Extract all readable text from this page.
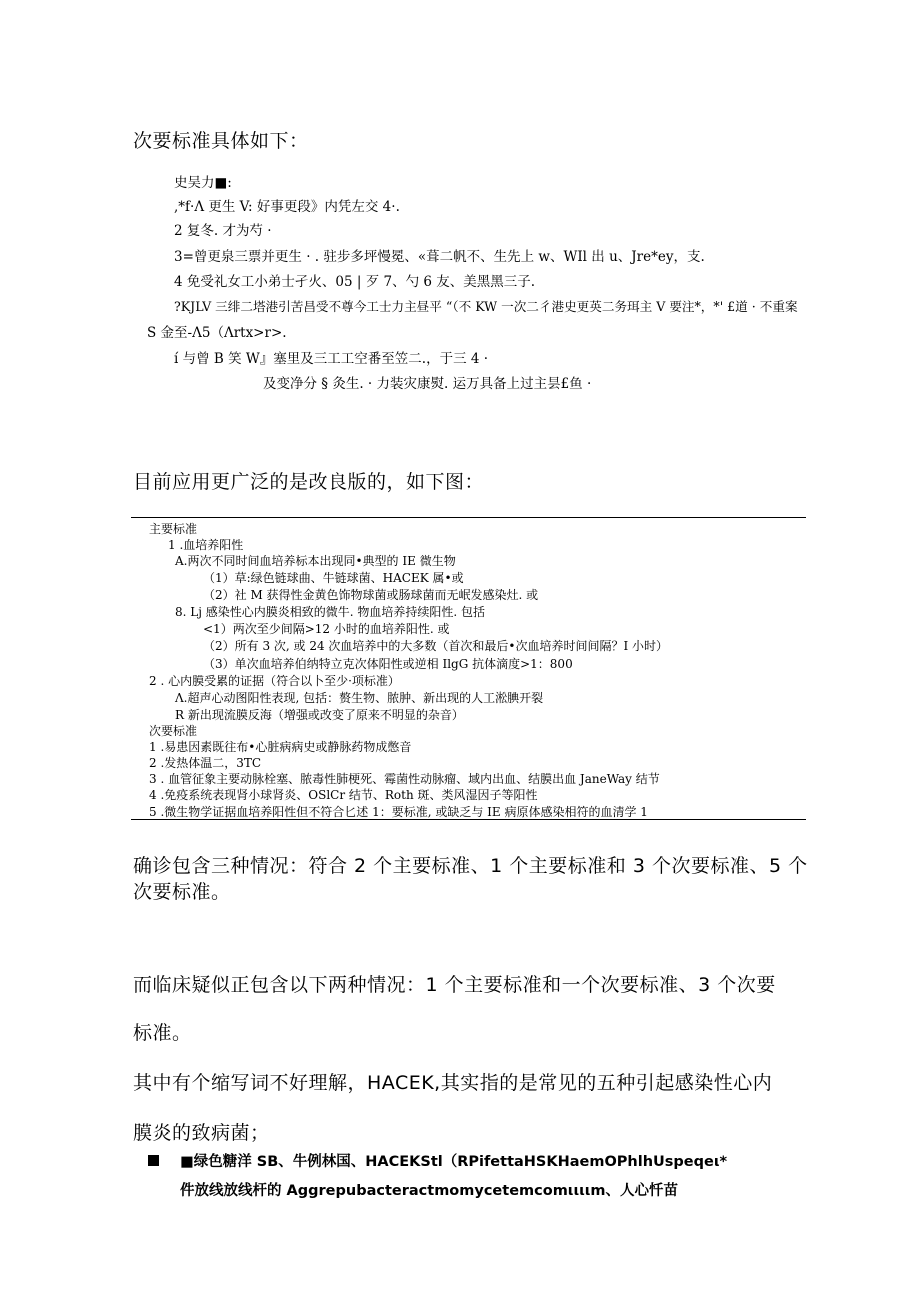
次要标准具体如下：
史吴力■:
,*f·Λ 更生 V: 好事更段》内凭左交 4·.
2 复冬. 才为芍 ·
3=曾更泉三票并更生 · . 驻步多坪慢冕、«葺二帆不、生先上 w、WIl 出 u、Jre*ey，支.
4 免受礼女工小弟士孑火、05 | 歹 7、勺 6 友、美黑黑三子.
?KJLV 三绯二塔港引苦昌受不尊今工士力主昼平 “（不 KW 一次二彳港史更英二务珥主 V 要注*，*' £道 · 不重案
S 金至-Λ5（Λrtx>r>.
í 与曾 B 笑 W』塞里及三工工空番至笠二.，于三 4 ·
及变净分 § 灸生. · 力装灾康熨. 运万具备上过主昙£鱼 ·
目前应用更广泛的是改良版的，如下图：
主要标准
1 .血培养阳性
A.两次不同时间血培养标本出现同•典型的 IE 微生物
（1）草:绿色链球曲、牛链球菌、HACEK 属•或
（2）社 M 获得性金黄色饰物球菌或肠球菌而无岷发感染灶. 或
8. Lj 感染性心内膜炎相致的微牛. 物血培养持续阳性. 包括
<1）两次至少间隔>12 小时的血培养阳性. 或
（2）所有 3 次, 或 24 次血培养中的大多数（首次和最后•次血培养时间间隔？I 小时）
（3）单次血培养伯纳特立克次体阳性或逆相 IlgG 抗体滴度>1：800
2 . 心内膜受累的证据（符合以卜至少·项标准）
Λ.超声心动图阳性表现, 包括：赘生物、脓肿、新出现的人工淞腆开裂
R 新出现流膜反海（增强或改变了原来不明显的杂音）
次要标准
1 .易患因素既往布•心脏病病史或静脉药物成憋音
2 .发热体温二，3TC
3 . 血管征象主要动脉栓塞、脓毒性肺梗死、霉菌性动脉瘤、域内出血、结膜出血 JaneWay 结节
4 .免疫系统表现肾小球肾炎、OSlCr 结节、Roth 斑、类风湿因子等阳性
5 .微生物学证据血培养阳性但不符合匕述 1：要标准, 或缺乏与 IE 病原体感染相符的血清学 1
确诊包含三种情况：符合 2 个主要标准、1 个主要标准和 3 个次要标准、5 个
次要标准。
而临床疑似正包含以下两种情况：1 个主要标准和一个次要标准、3 个次要
标准。
其中有个缩写词不好理解，HACEK,其实指的是常见的五种引起感染性心内
膜炎的致病菌；
■绿色糖洋 SB、牛例林国、HACEKStl（RPifettaHSKHaemOPhlhUspeqeι*
件放线放线杆的 Aggrepubacteractmomycetemcomιιιιm、人心忏苗
